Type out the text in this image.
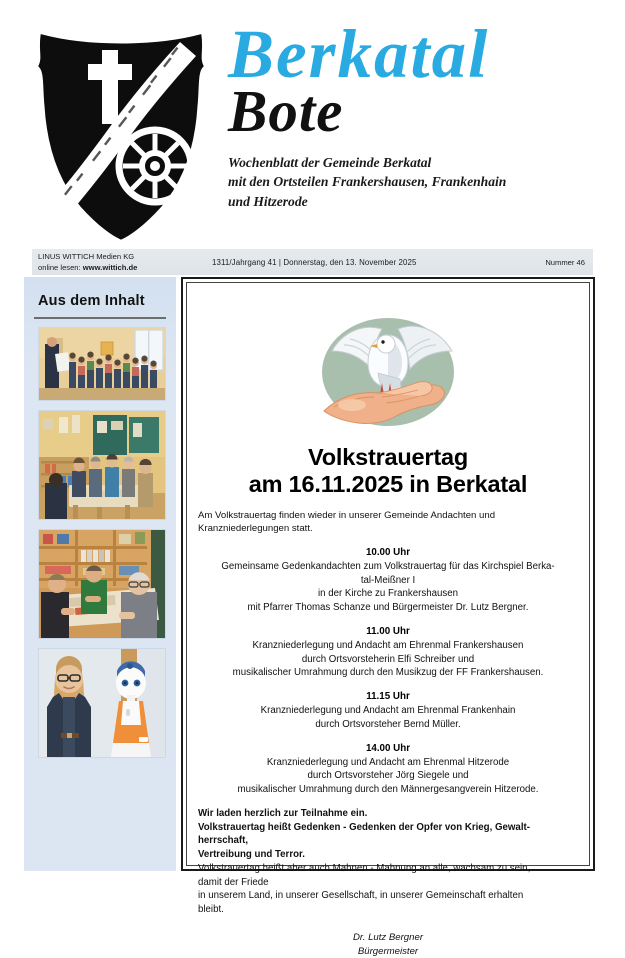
Berkatal
Bote
Wochenblatt der Gemeinde Berkatal
mit den Ortsteilen Frankershausen, Frankenhain
und Hitzerode
LINUS WITTICH Medien KG
online lesen: www.wittich.de
1311/Jahrgang 41 | Donnerstag, den 13. November 2025	Nummer 46
Aus dem Inhalt
Volkstrauertag
am 16.11.2025 in Berkatal

Am Volkstrauertag finden wieder in unserer Gemeinde Andachten und Kranzniederlegungen statt.

10.00 Uhr
Gemeinsame Gedenkandachten zum Volkstrauertag für das Kirchspiel Berka-
tal-Meißner I
in der Kirche zu Frankershausen
mit Pfarrer Thomas Schanze und Bürgermeister Dr. Lutz Bergner.
11.00 Uhr
Kranzniederlegung und Andacht am Ehrenmal Frankershausen
durch Ortsvorsteherin Elfi Schreiber und
musikalischer Umrahmung durch den Musikzug der FF Frankershausen.
11.15 Uhr
Kranzniederlegung und Andacht am Ehrenmal Frankenhain
durch Ortsvorsteher Bernd Müller.
14.00 Uhr
Kranzniederlegung und Andacht am Ehrenmal Hitzerode
durch Ortsvorsteher Jörg Siegele und
musikalischer Umrahmung durch den Männergesangverein Hitzerode.
Wir laden herzlich zur Teilnahme ein.
Volkstrauertag heißt Gedenken - Gedenken der Opfer von Krieg, Gewalt-
herrschaft,
Vertreibung und Terror.
Volkstrauertag heißt aber auch Mahnen - Mahnung an alle, wachsam zu sein,
damit der Friede
in unserem Land, in unserer Gesellschaft, in unserer Gemeinschaft erhalten
bleibt.
Dr. Lutz Bergner
Bürgermeister
